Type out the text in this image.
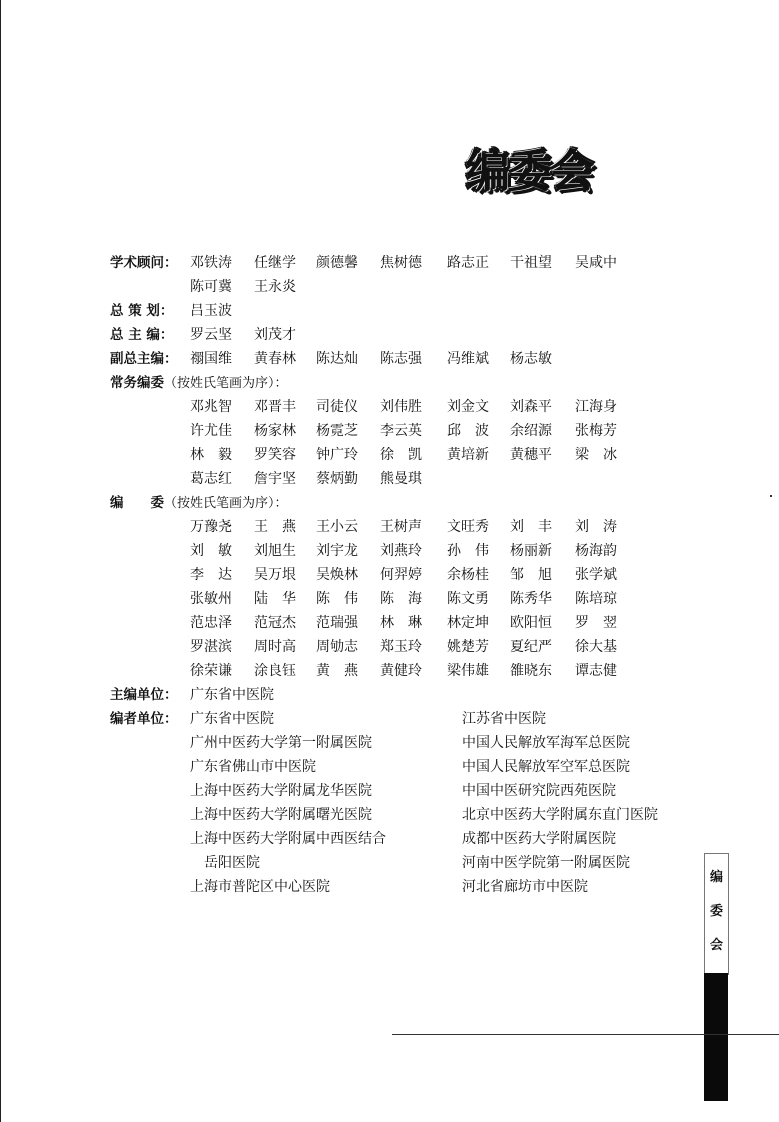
编委会
学术顾问： 邓铁涛 任继学 颜德馨 焦树德 路志正 干祖望 吴咸中
陈可冀 王永炎
总 策 划： 吕玉波
总 主 编： 罗云坚 刘茂才
副总主编： 禤国维 黄春林 陈达灿 陈志强 冯维斌 杨志敏
常务编委（按姓氏笔画为序）：
邓兆智 邓晋丰 司徒仪 刘伟胜 刘金文 刘森平 江海身
许尤佳 杨家林 杨霓芝 李云英 邱波 余绍源 张梅芳
林毅 罗笑容 钟广玲 徐凯 黄培新 黄穗平 梁冰
葛志红 詹宇坚 蔡炳勤 熊曼琪
编　　委（按姓氏笔画为序）：
万豫尧 王燕 王小云 王树声 文旺秀 刘丰 刘涛
刘敏 刘旭生 刘宇龙 刘燕玲 孙伟 杨丽新 杨海韵
李达 吴万垠 吴焕林 何羿婷 余杨桂 邹旭 张学斌
张敏州 陆华 陈伟 陈海 陈文勇 陈秀华 陈培琼
范忠泽 范冠杰 范瑞强 林琳 林定坤 欧阳恒 罗翌
罗湛滨 周时高 周劬志 郑玉玲 姚楚芳 夏纪严 徐大基
徐荣谦 涂良钰 黄燕 黄健玲 梁伟雄 雒晓东 谭志健
主编单位： 广东省中医院
编者单位： 广东省中医院	江苏省中医院
广州中医药大学第一附属医院	中国人民解放军海军总医院
广东省佛山市中医院	中国人民解放军空军总医院
上海中医药大学附属龙华医院	中国中医研究院西苑医院
上海中医药大学附属曙光医院	北京中医药大学附属东直门医院
上海中医药大学附属中西医结合	成都中医药大学附属医院
岳阳医院	河南中医学院第一附属医院
上海市普陀区中心医院	河北省廊坊市中医院
编
委
会
